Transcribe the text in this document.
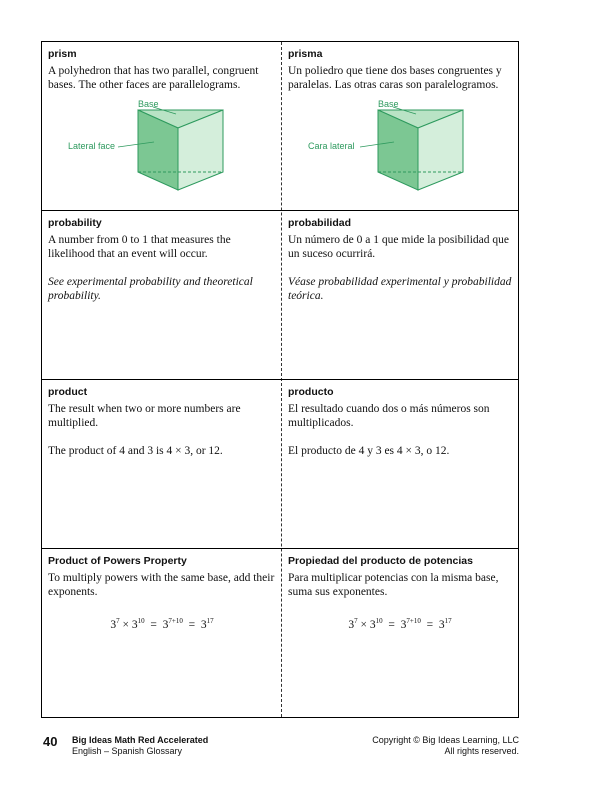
prism

A polyhedron that has two parallel, congruent bases. The other faces are parallelograms.

Base
Lateral face
prisma

Un poliedro que tiene dos bases congruentes y paralelas. Las otras caras son paralelogramos.

Base
Cara lateral
probability

A number from 0 to 1 that measures the likelihood that an event will occur.

See experimental probability and theoretical probability.

probabilidad

Un número de 0 a 1 que mide la posibilidad que un suceso ocurrirá.

Véase probabilidad experimental y probabilidad teórica.

product

The result when two or more numbers are multiplied.

The product of 4 and 3 is 4 × 3, or 12.

producto

El resultado cuando dos o más números son multiplicados.

El producto de 4 y 3 es 4 × 3, o 12.

Product of Powers Property

To multiply powers with the same base, add their exponents.

$3^7 \times 3^{10} = 3^{7+10} = 3^{17}$
Propiedad del producto de potencias

Para multiplicar potencias con la misma base, suma sus exponentes.

$3^7 \times 3^{10} = 3^{7+10} = 3^{17}$
40 Big Ideas Math Red Accelerated
English – Spanish Glossary
Copyright © Big Ideas Learning, LLC
All rights reserved.
